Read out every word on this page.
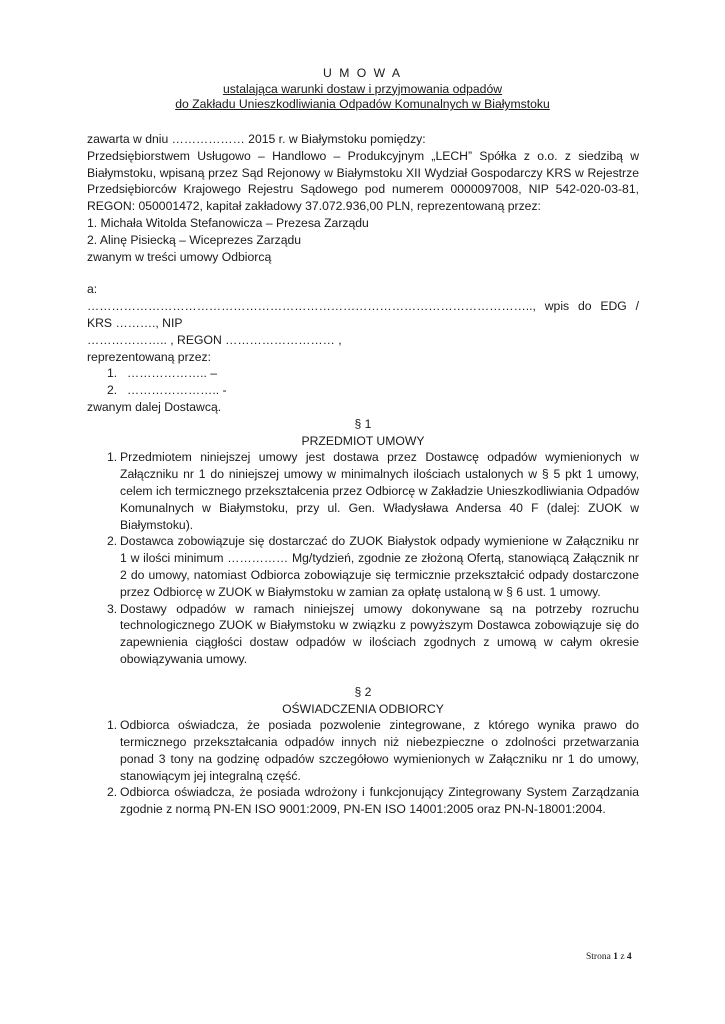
U M O W A
ustalająca warunki dostaw i przyjmowania odpadów
do Zakładu Unieszkodliwiania Odpadów Komunalnych w Białymstoku

zawarta w dniu ……………… 2015 r. w Białymstoku pomiędzy:

Przedsiębiorstwem Usługowo – Handlowo – Produkcyjnym „LECH” Spółka z o.o. z siedzibą w Białymstoku, wpisaną przez Sąd Rejonowy w Białymstoku XII Wydział Gospodarczy KRS w Rejestrze Przedsiębiorców Krajowego Rejestru Sądowego pod numerem 0000097008, NIP 542-020-03-81, REGON: 050001472, kapitał zakładowy 37.072.936,00 PLN, reprezentowaną przez:

1. Michała Witolda Stefanowicza – Prezesa Zarządu

2. Alinę Pisiecką – Wiceprezes Zarządu

zwanym w treści umowy Odbiorcą

a:

……………………………………………………………………………………………….., wpis do EDG / KRS ………., NIP

……………….. , REGON ……………………… ,

reprezentowaną przez:

1. ……………….. –

2. ………………….. -

zwanym dalej Dostawcą.

§ 1

PRZEDMIOT UMOWY

1. Przedmiotem niniejszej umowy jest dostawa przez Dostawcę odpadów wymienionych w Załączniku nr 1 do niniejszej umowy w minimalnych ilościach ustalonych w § 5 pkt 1 umowy, celem ich termicznego przekształcenia przez Odbiorcę w Zakładzie Unieszkodliwiania Odpadów Komunalnych w Białymstoku, przy ul. Gen. Władysława Andersa 40 F (dalej: ZUOK w Białymstoku).
2. Dostawca zobowiązuje się dostarczać do ZUOK Białystok odpady wymienione w Załączniku nr 1 w ilości minimum …………… Mg/tydzień, zgodnie ze złożoną Ofertą, stanowiącą Załącznik nr 2 do umowy, natomiast Odbiorca zobowiązuje się termicznie przekształcić odpady dostarczone przez Odbiorcę w ZUOK w Białymstoku w zamian za opłatę ustaloną w § 6 ust. 1 umowy.
3. Dostawy odpadów w ramach niniejszej umowy dokonywane są na potrzeby rozruchu technologicznego ZUOK w Białymstoku w związku z powyższym Dostawca zobowiązuje się do zapewnienia ciągłości dostaw odpadów w ilościach zgodnych z umową w całym okresie obowiązywania umowy.

§ 2

OŚWIADCZENIA ODBIORCY

1. Odbiorca oświadcza, że posiada pozwolenie zintegrowane, z którego wynika prawo do termicznego przekształcania odpadów innych niż niebezpieczne o zdolności przetwarzania ponad 3 tony na godzinę odpadów szczegółowo wymienionych w Załączniku nr 1 do umowy, stanowiącym jej integralną część.
2. Odbiorca oświadcza, że posiada wdrożony i funkcjonujący Zintegrowany System Zarządzania zgodnie z normą PN-EN ISO 9001:2009, PN-EN ISO 14001:2005 oraz PN-N-18001:2004.
Strona 1 z 4
